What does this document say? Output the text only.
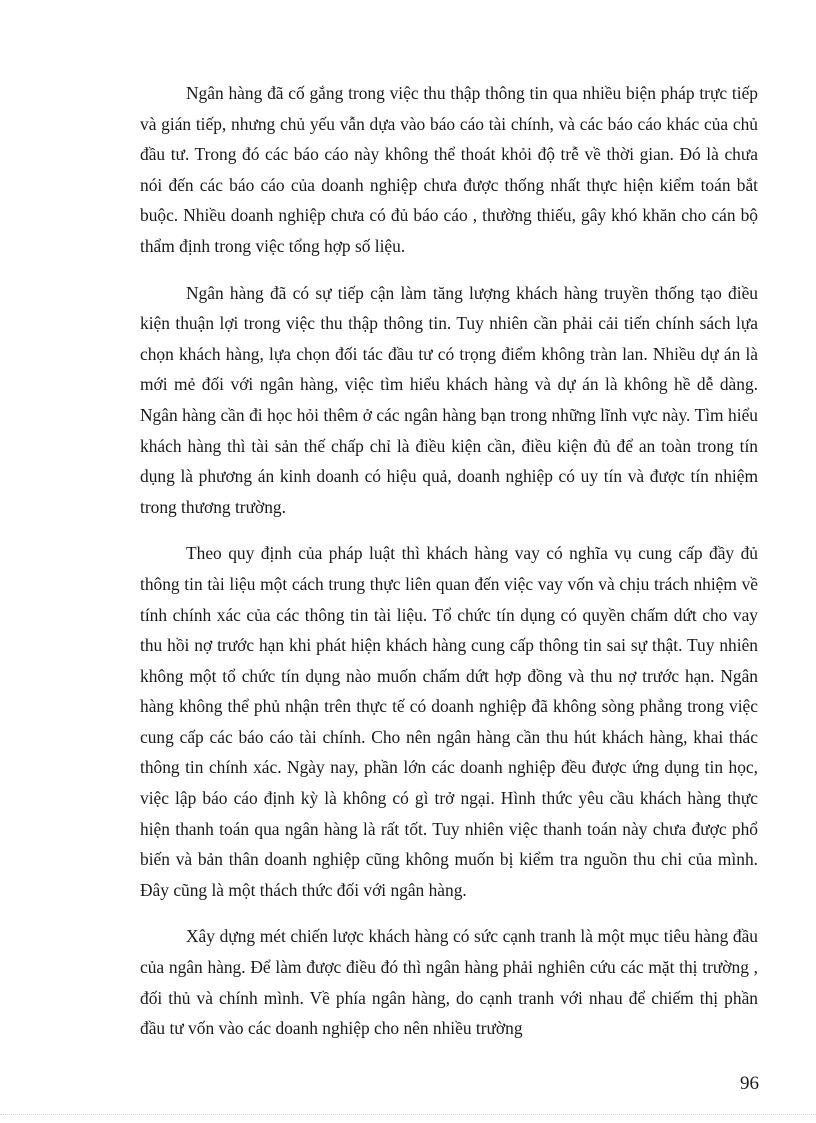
Ngân hàng đã cố gắng trong việc thu thập thông tin qua nhiều biện pháp trực tiếp và gián tiếp, nhưng chủ yếu vẫn dựa vào báo cáo tài chính, và các báo cáo khác của chủ đầu tư. Trong đó các báo cáo này không thể thoát khỏi độ trễ về thời gian. Đó là chưa nói đến các báo cáo của doanh nghiệp chưa được thống nhất thực hiện kiểm toán bắt buộc. Nhiều doanh nghiệp chưa có đủ báo cáo , thường thiếu, gây khó khăn cho cán bộ thẩm định trong việc tổng hợp số liệu.

Ngân hàng đã có sự tiếp cận làm tăng lượng khách hàng truyền thống tạo điều kiện thuận lợi trong việc thu thập thông tin. Tuy nhiên cần phải cải tiến chính sách lựa chọn khách hàng, lựa chọn đối tác đầu tư có trọng điểm không tràn lan. Nhiều dự án là mới mẻ đối với ngân hàng, việc tìm hiểu khách hàng và dự án là không hề dễ dàng. Ngân hàng cần đi học hỏi thêm ở các ngân hàng bạn trong những lĩnh vực này. Tìm hiểu khách hàng thì tài sản thế chấp chỉ là điều kiện cần, điều kiện đủ để an toàn trong tín dụng là phương án kinh doanh có hiệu quả, doanh nghiệp có uy tín và được tín nhiệm trong thương trường.

Theo quy định của pháp luật thì khách hàng vay có nghĩa vụ cung cấp đầy đủ thông tin tài liệu một cách trung thực liên quan đến việc vay vốn và chịu trách nhiệm về tính chính xác của các thông tin tài liệu. Tổ chức tín dụng có quyền chấm dứt cho vay thu hồi nợ trước hạn khi phát hiện khách hàng cung cấp thông tin sai sự thật. Tuy nhiên không một tổ chức tín dụng nào muốn chấm dứt hợp đồng và thu nợ trước hạn. Ngân hàng không thể phủ nhận trên thực tế có doanh nghiệp đã không sòng phẳng trong việc cung cấp các báo cáo tài chính. Cho nên ngân hàng cần thu hút khách hàng, khai thác thông tin chính xác. Ngày nay, phần lớn các doanh nghiệp đều được ứng dụng tin học, việc lập báo cáo định kỳ là không có gì trở ngại. Hình thức yêu cầu khách hàng thực hiện thanh toán qua ngân hàng là rất tốt. Tuy nhiên việc thanh toán này chưa được phổ biến và bản thân doanh nghiệp cũng không muốn bị kiểm tra nguồn thu chi của mình. Đây cũng là một thách thức đối với ngân hàng.

Xây dựng mét chiến lược khách hàng có sức cạnh tranh là một mục tiêu hàng đầu của ngân hàng. Để làm được điều đó thì ngân hàng phải nghiên cứu các mặt thị trường , đối thủ và chính mình. Về phía ngân hàng, do cạnh tranh với nhau để chiếm thị phần đầu tư vốn vào các doanh nghiệp cho nên nhiều trường

96
